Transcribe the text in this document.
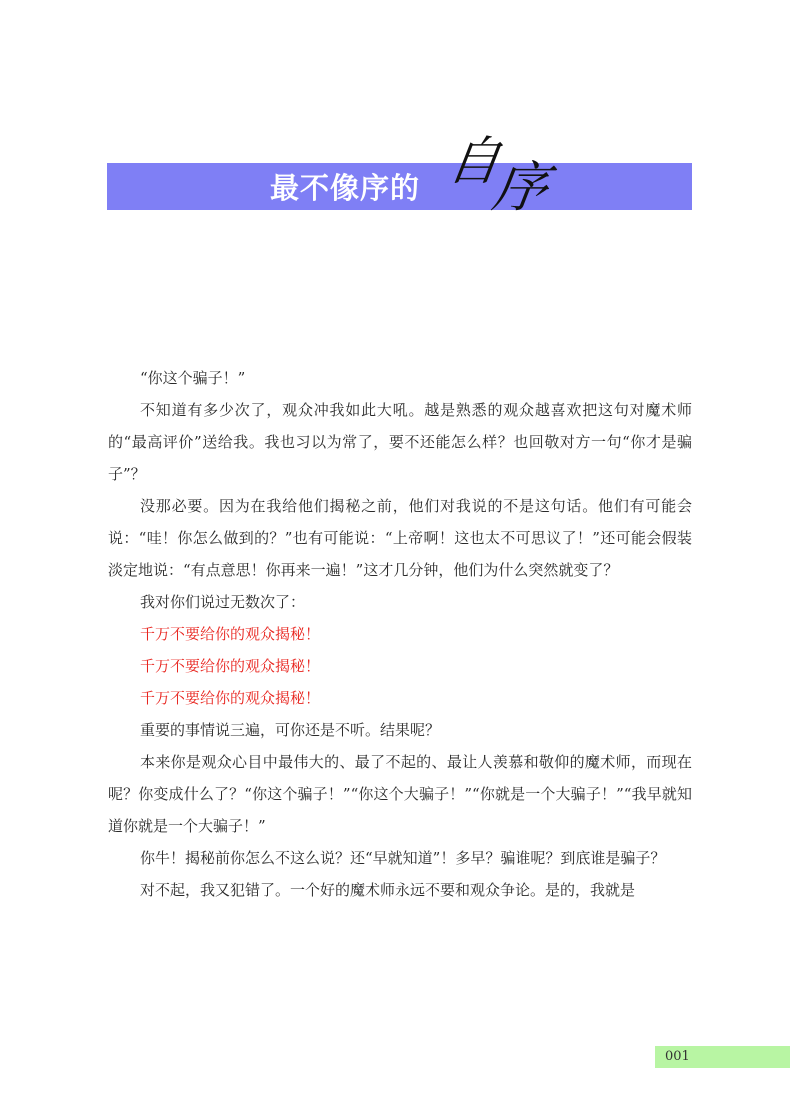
最不像序的 自序

“你这个骗子！”

不知道有多少次了，观众冲我如此大吼。越是熟悉的观众越喜欢把这句对魔术师的“最高评价”送给我。我也习以为常了，要不还能怎么样？也回敬对方一句“你才是骗子”？

没那必要。因为在我给他们揭秘之前，他们对我说的不是这句话。他们有可能会说：“哇！你怎么做到的？”也有可能说：“上帝啊！这也太不可思议了！”还可能会假装淡定地说：“有点意思！你再来一遍！”这才几分钟，他们为什么突然就变了？

我对你们说过无数次了：

千万不要给你的观众揭秘！

千万不要给你的观众揭秘！

千万不要给你的观众揭秘！

重要的事情说三遍，可你还是不听。结果呢？

本来你是观众心目中最伟大的、最了不起的、最让人羡慕和敬仰的魔术师，而现在呢？你变成什么了？“你这个骗子！”“你这个大骗子！”“你就是一个大骗子！”“我早就知道你就是一个大骗子！”

你牛！揭秘前你怎么不这么说？还“早就知道”！多早？骗谁呢？到底谁是骗子？

对不起，我又犯错了。一个好的魔术师永远不要和观众争论。是的，我就是

001
